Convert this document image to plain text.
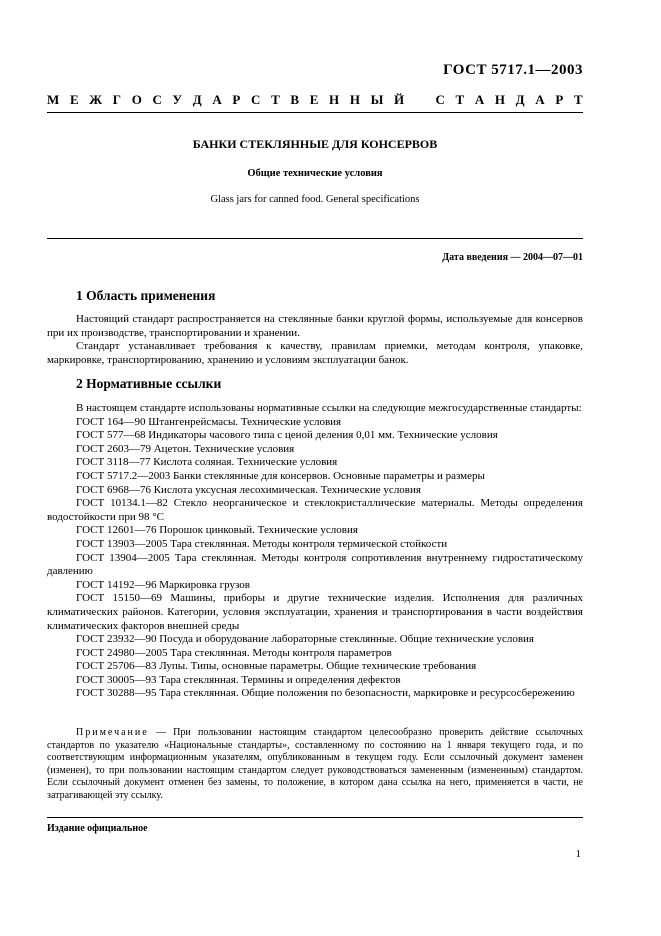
ГОСТ 5717.1—2003
М Е Ж Г О С У Д А Р С Т В Е Н Н Ы Й С Т А Н Д А Р Т
БАНКИ СТЕКЛЯННЫЕ ДЛЯ КОНСЕРВОВ
Общие технические условия
Glass jars for canned food. General specifications
Дата введения — 2004—07—01
1 Область применения
Настоящий стандарт распространяется на стеклянные банки круглой формы, используемые для консервов при их производстве, транспортировании и хранении.
Стандарт устанавливает требования к качеству, правилам приемки, методам контроля, упаковке, маркировке, транспортированию, хранению и условиям эксплуатации банок.
2 Нормативные ссылки
В настоящем стандарте использованы нормативные ссылки на следующие межгосударственные стандарты:
ГОСТ 164—90 Штангенрейсмасы. Технические условия
ГОСТ 577—68 Индикаторы часового типа с ценой деления 0,01 мм. Технические условия
ГОСТ 2603—79 Ацетон. Технические условия
ГОСТ 3118—77 Кислота соляная. Технические условия
ГОСТ 5717.2—2003 Банки стеклянные для консервов. Основные параметры и размеры
ГОСТ 6968—76 Кислота уксусная лесохимическая. Технические условия
ГОСТ 10134.1—82 Стекло неорганическое и стеклокристаллические материалы. Методы определения водостойкости при 98 °С
ГОСТ 12601—76 Порошок цинковый. Технические условия
ГОСТ 13903—2005 Тара стеклянная. Методы контроля термической стойкости
ГОСТ 13904—2005 Тара стеклянная. Методы контроля сопротивления внутреннему гидростатическому давлению
ГОСТ 14192—96 Маркировка грузов
ГОСТ 15150—69 Машины, приборы и другие технические изделия. Исполнения для различных климатических районов. Категории, условия эксплуатации, хранения и транспортирования в части воздействия климатических факторов внешней среды
ГОСТ 23932—90 Посуда и оборудование лабораторные стеклянные. Общие технические условия
ГОСТ 24980—2005 Тара стеклянная. Методы контроля параметров
ГОСТ 25706—83 Лупы. Типы, основные параметры. Общие технические требования
ГОСТ 30005—93 Тара стеклянная. Термины и определения дефектов
ГОСТ 30288—95 Тара стеклянная. Общие положения по безопасности, маркировке и ресурсосбережению
Примечание — При пользовании настоящим стандартом целесообразно проверить действие ссылочных стандартов по указателю «Национальные стандарты», составленному по состоянию на 1 января текущего года, и по соответствующим информационным указателям, опубликованным в текущем году. Если ссылочный документ заменен (изменен), то при пользовании настоящим стандартом следует руководствоваться замененным (измененным) стандартом. Если ссылочный документ отменен без замены, то положение, в котором дана ссылка на него, применяется в части, не затрагивающей эту ссылку.
Издание официальное
1
